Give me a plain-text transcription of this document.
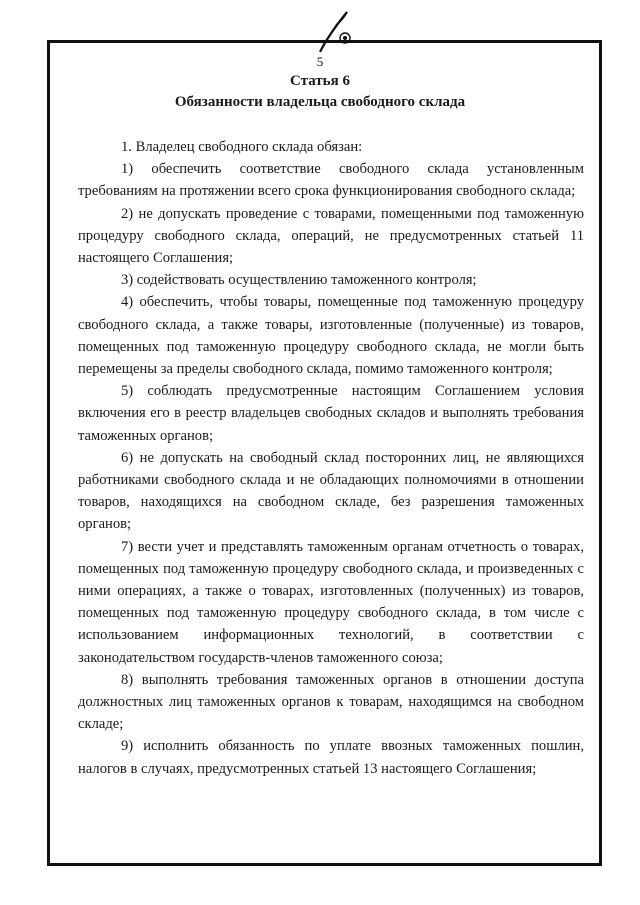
5
Статья 6
Обязанности владельца свободного склада

1. Владелец свободного склада обязан:

1) обеспечить соответствие свободного склада установленным требованиям на протяжении всего срока функционирования свободного склада;

2) не допускать проведение с товарами, помещенными под таможенную процедуру свободного склада, операций, не предусмотренных статьей 11 настоящего Соглашения;

3) содействовать осуществлению таможенного контроля;

4) обеспечить, чтобы товары, помещенные под таможенную процедуру свободного склада, а также товары, изготовленные (полученные) из товаров, помещенных под таможенную процедуру свободного склада, не могли быть перемещены за пределы свободного склада, помимо таможенного контроля;

5) соблюдать предусмотренные настоящим Соглашением условия включения его в реестр владельцев свободных складов и выполнять требования таможенных органов;

6) не допускать на свободный склад посторонних лиц, не являющихся работниками свободного склада и не обладающих полномочиями в отношении товаров, находящихся на свободном складе, без разрешения таможенных органов;

7) вести учет и представлять таможенным органам отчетность о товарах, помещенных под таможенную процедуру свободного склада, и произведенных с ними операциях, а также о товарах, изготовленных (полученных) из товаров, помещенных под таможенную процедуру свободного склада, в том числе с использованием информационных технологий, в соответствии с законодательством государств-членов таможенного союза;

8) выполнять требования таможенных органов в отношении доступа должностных лиц таможенных органов к товарам, находящимся на свободном складе;

9) исполнить обязанность по уплате ввозных таможенных пошлин, налогов в случаях, предусмотренных статьей 13 настоящего Соглашения;
